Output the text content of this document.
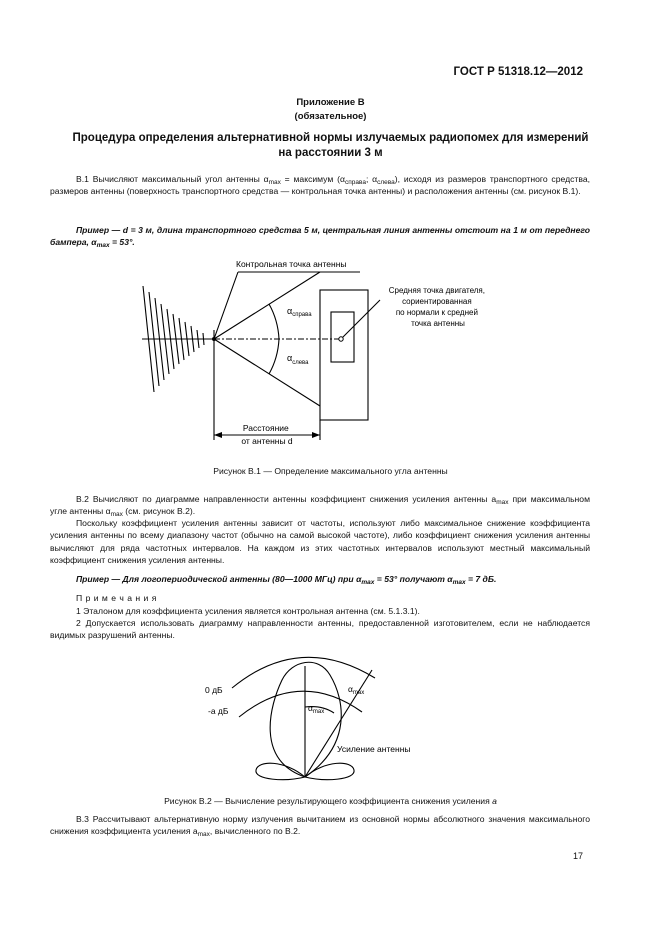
ГОСТ Р 51318.12—2012
Приложение В
(обязательное)
Процедура определения альтернативной нормы излучаемых радиопомех для измерений
на расстоянии 3 м
В.1 Вычисляют максимальный угол антенны $\alpha_{max}$ = максимум ($\alpha_{справа}$; $\alpha_{слева}$), исходя из размеров транспортного средства, размеров антенны (поверхность транспортного средства — контрольная точка антенны) и расположения антенны (см. рисунок В.1).
Пример — d = 3 м, длина транспортного средства 5 м, центральная линия антенны отстоит на 1 м от переднего бампера, $\alpha_{max} = 53^\circ$.
Контрольная точка антенны
Средняя точка двигателя, сориентированная по нормали к средней точка антенны
$\alpha_{справа}$
$\alpha_{слева}$
Расстояние от антенны d
Рисунок В.1 — Определение максимального угла антенны
В.2 Вычисляют по диаграмме направленности антенны коэффициент снижения усиления антенны $a_{max}$ при максимальном угле антенны $\alpha_{max}$ (см. рисунок В.2).
Поскольку коэффициент усиления антенны зависит от частоты, используют либо максимальное снижение коэффициента усиления антенны по всему диапазону частот (обычно на самой высокой частоте), либо коэффициент снижения усиления антенны вычисляют для ряда частотных интервалов. На каждом из этих частотных интервалов используют местный максимальный коэффициент снижения усиления антенны.
Пример — Для логопериодической антенны (80—1000 МГц) при $\alpha_{max} = 53^\circ$ получают $\alpha_{max} = 7$ дБ.
П р и м е ч а н и я
1 Эталоном для коэффициента усиления является контрольная антенна (см. 5.1.3.1).
2 Допускается использовать диаграмму направленности антенны, предоставленной изготовителем, если не наблюдается видимых разрушений антенны.
0 дБ
-a дБ
$\alpha_{max}$
$\alpha_{max}$
Усиление антенны
Рисунок В.2 — Вычисление результирующего коэффициента снижения усиления a
В.3 Рассчитывают альтернативную норму излучения вычитанием из основной нормы абсолютного значения максимального снижения коэффициента усиления $a_{max}$, вычисленного по В.2.
17
